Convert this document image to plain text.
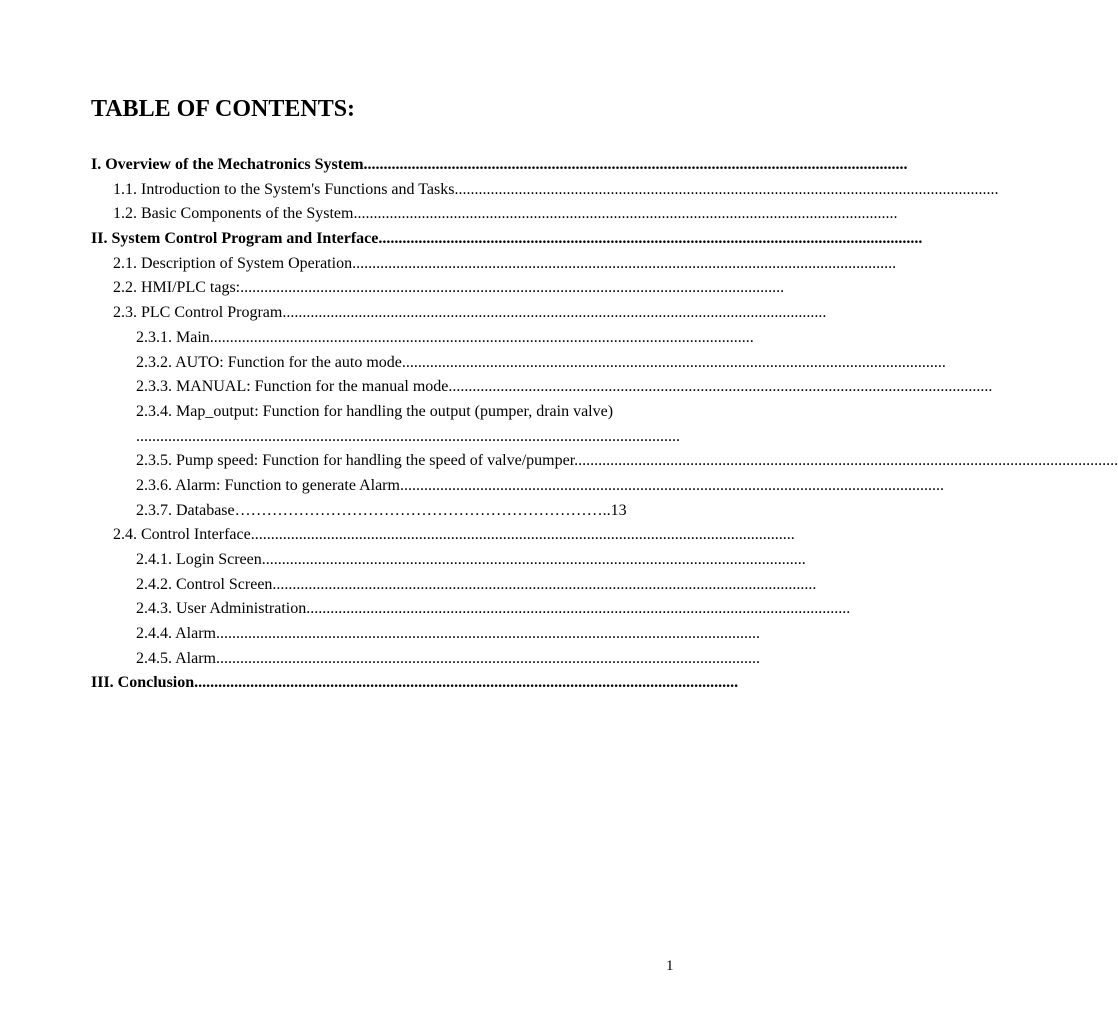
TABLE OF CONTENTS:
I. Overview of the Mechatronics System........................................................................................................................................
1.1. Introduction to the System's Functions and Tasks........................................................................................................................................
1.2. Basic Components of the System........................................................................................................................................
II. System Control Program and Interface........................................................................................................................................
2.1. Description of System Operation........................................................................................................................................
2.2. HMI/PLC tags:........................................................................................................................................
2.3. PLC Control Program........................................................................................................................................
2.3.1. Main........................................................................................................................................
2.3.2. AUTO: Function for the auto mode........................................................................................................................................
2.3.3. MANUAL: Function for the manual mode........................................................................................................................................
2.3.4. Map_output: Function for handling the output (pumper, drain valve)
........................................................................................................................................
2.3.5. Pump speed: Function for handling the speed of valve/pumper........................................................................................................................................
2.3.6. Alarm: Function to generate Alarm........................................................................................................................................
2.3.7. Database……………………………………………………………..13
2.4. Control Interface........................................................................................................................................
2.4.1. Login Screen........................................................................................................................................
2.4.2. Control Screen........................................................................................................................................
2.4.3. User Administration........................................................................................................................................
2.4.4. Alarm........................................................................................................................................
2.4.5. Alarm........................................................................................................................................
III. Conclusion........................................................................................................................................
1
